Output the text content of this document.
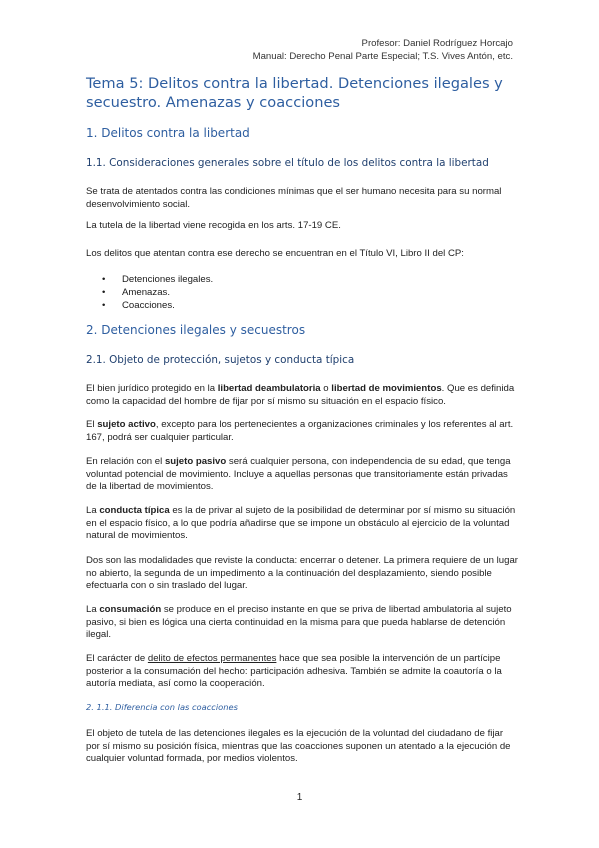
Profesor: Daniel Rodríguez Horcajo
Manual: Derecho Penal Parte Especial; T.S. Vives Antón, etc.
Tema 5: Delitos contra la libertad. Detenciones ilegales y secuestro. Amenazas y coacciones
1. Delitos contra la libertad
1.1. Consideraciones generales sobre el título de los delitos contra la libertad
Se trata de atentados contra las condiciones mínimas que el ser humano necesita para su normal desenvolvimiento social.
La tutela de la libertad viene recogida en los arts. 17-19 CE.
Los delitos que atentan contra ese derecho se encuentran en el Título VI, Libro II del CP:
• Detenciones ilegales.
• Amenazas.
• Coacciones.
2. Detenciones ilegales y secuestros
2.1. Objeto de protección, sujetos y conducta típica
El bien jurídico protegido en la libertad deambulatoria o libertad de movimientos. Que es definida como la capacidad del hombre de fijar por sí mismo su situación en el espacio físico.
El sujeto activo, excepto para los pertenecientes a organizaciones criminales y los referentes al art. 167, podrá ser cualquier particular.
En relación con el sujeto pasivo será cualquier persona, con independencia de su edad, que tenga voluntad potencial de movimiento. Incluye a aquellas personas que transitoriamente están privadas de la libertad de movimientos.
La conducta típica es la de privar al sujeto de la posibilidad de determinar por sí mismo su situación en el espacio físico, a lo que podría añadirse que se impone un obstáculo al ejercicio de la voluntad natural de movimientos.
Dos son las modalidades que reviste la conducta: encerrar o detener. La primera requiere de un lugar no abierto, la segunda de un impedimento a la continuación del desplazamiento, siendo posible efectuarla con o sin traslado del lugar.
La consumación se produce en el preciso instante en que se priva de libertad ambulatoria al sujeto pasivo, si bien es lógica una cierta continuidad en la misma para que pueda hablarse de detención ilegal.
El carácter de delito de efectos permanentes hace que sea posible la intervención de un partícipe posterior a la consumación del hecho: participación adhesiva. También se admite la coautoría o la autoría mediata, así como la cooperación.
2. 1.1. Diferencia con las coacciones
El objeto de tutela de las detenciones ilegales es la ejecución de la voluntad del ciudadano de fijar por sí mismo su posición física, mientras que las coacciones suponen un atentado a la ejecución de cualquier voluntad formada, por medios violentos.
1
